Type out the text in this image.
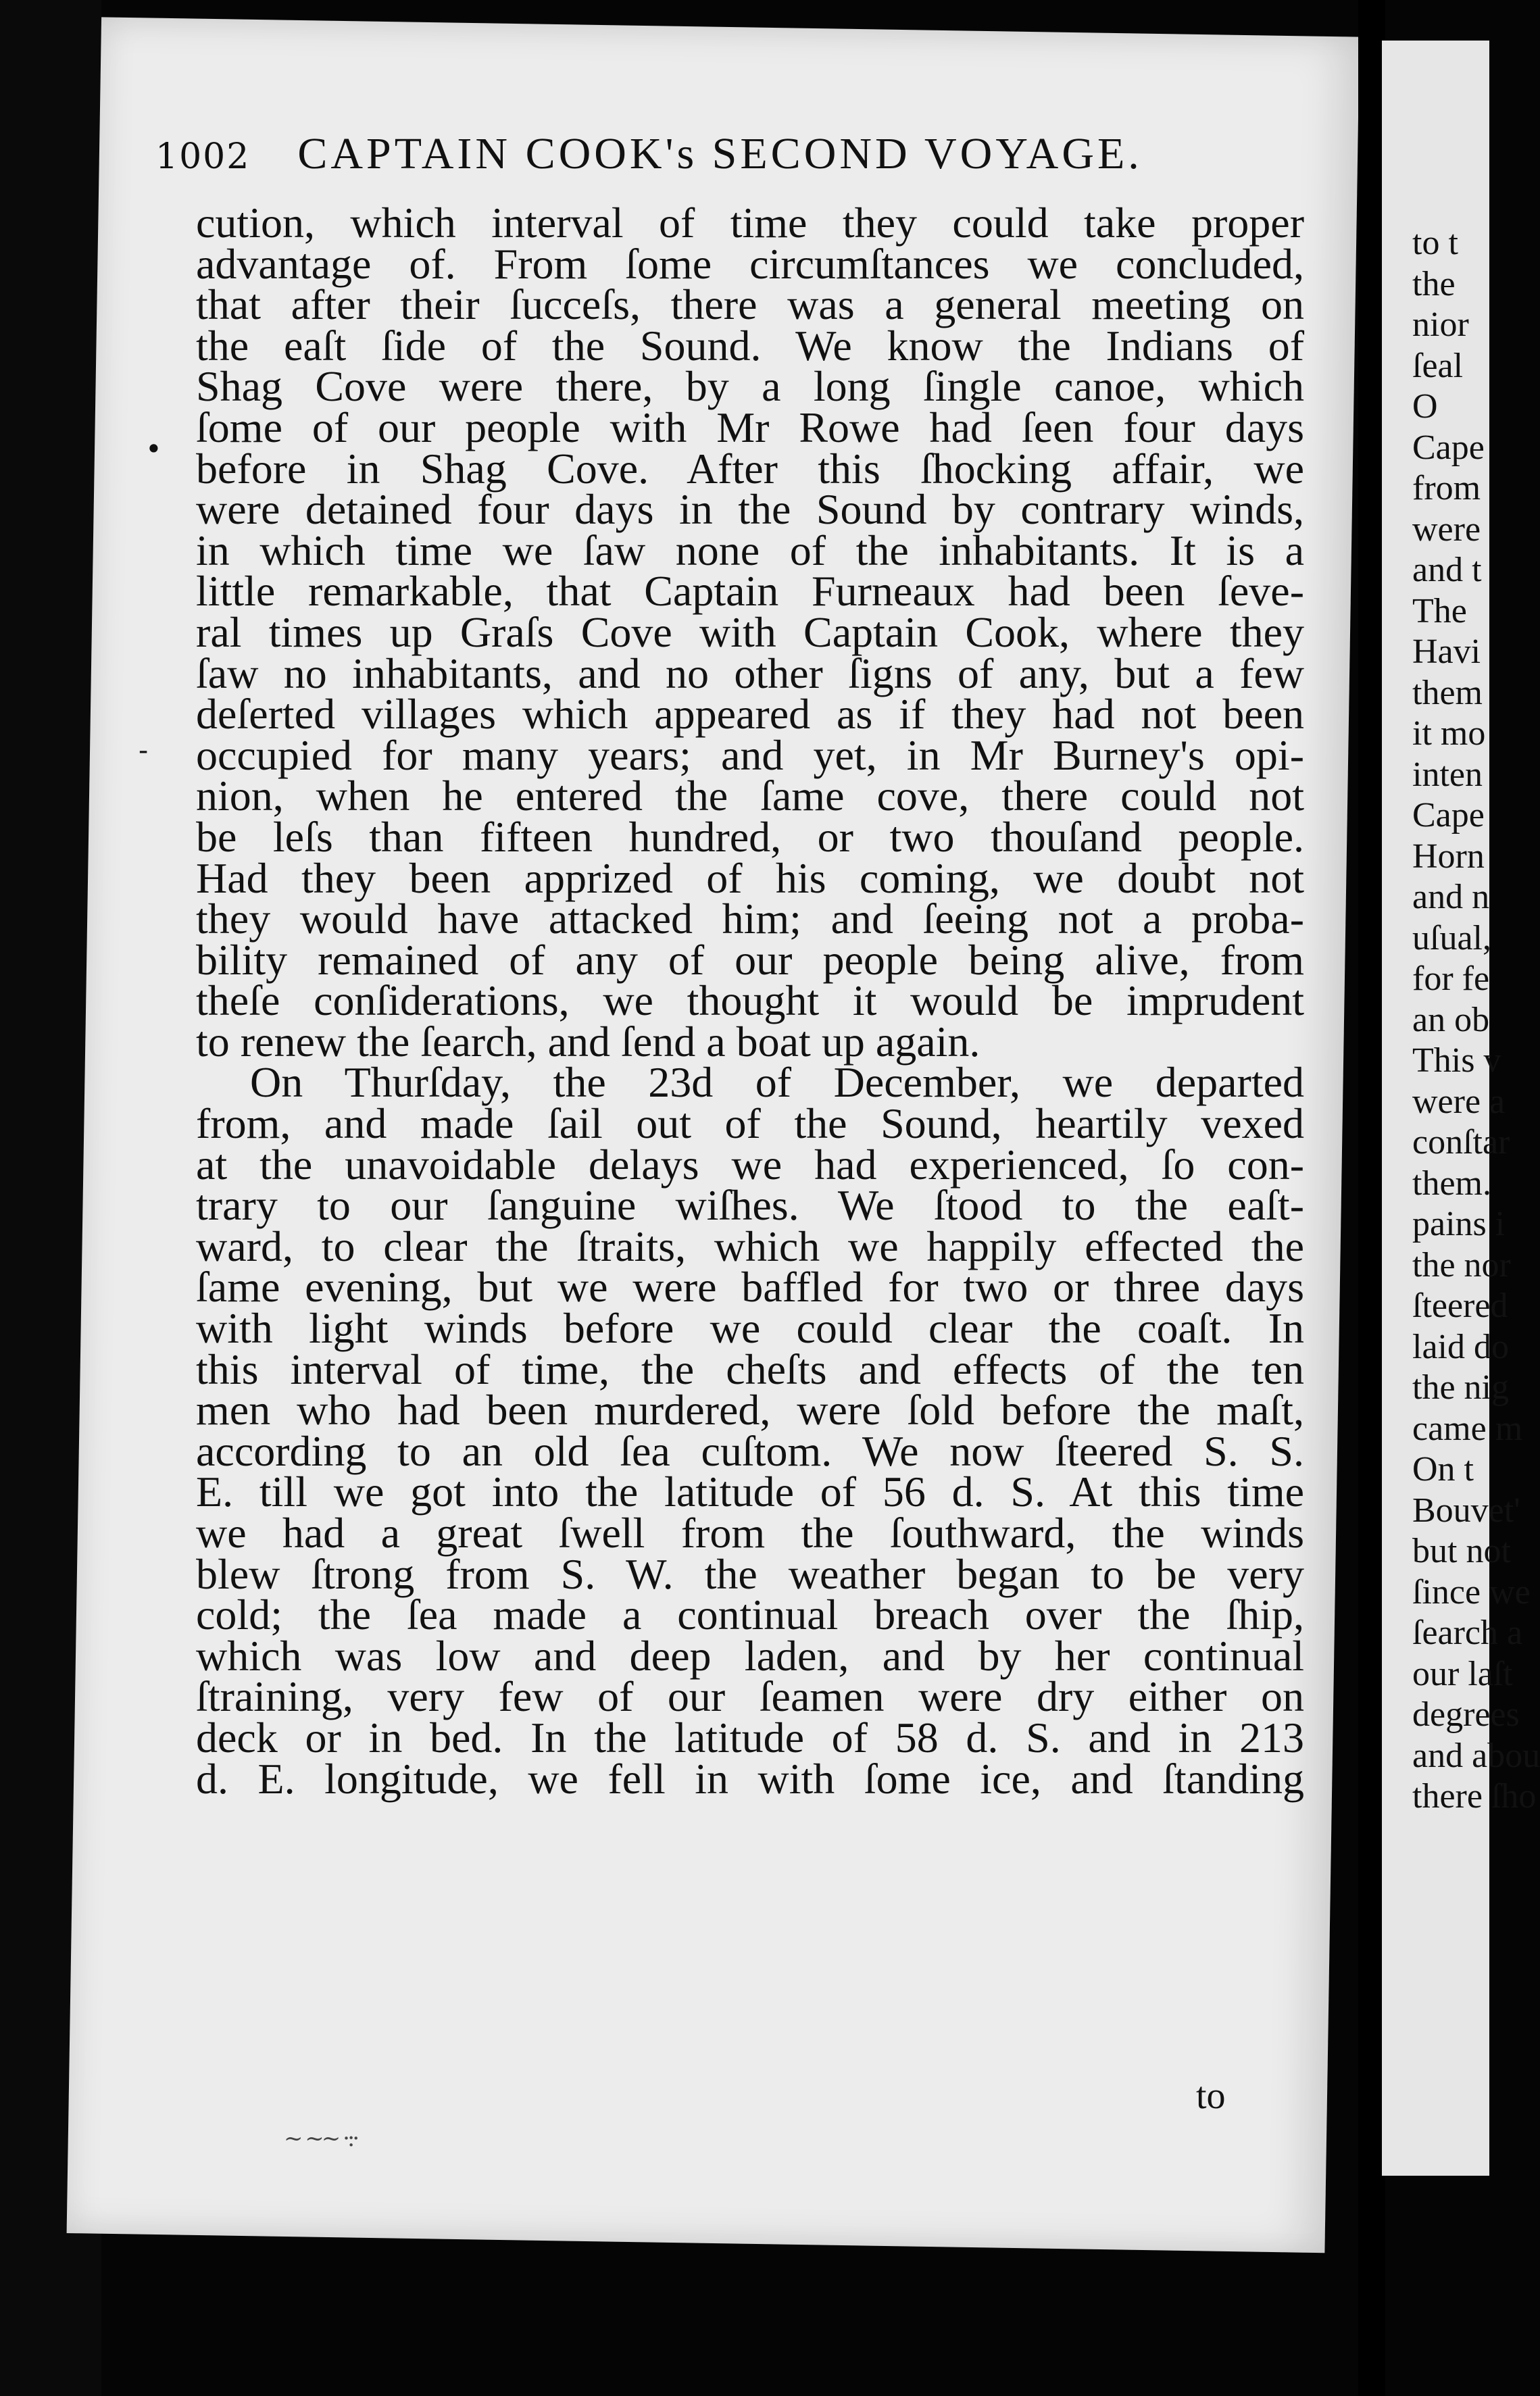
1002 CAPTAIN COOK's SECOND VOYAGE.
cution, which interval of time they could take proper
advantage of. From ſome circumſtances we concluded,
that after their ſucceſs, there was a general meeting on
the eaſt ſide of the Sound. We know the Indians of
Shag Cove were there, by a long ſingle canoe, which
ſome of our people with Mr Rowe had ſeen four days
before in Shag Cove. After this ſhocking affair, we
were detained four days in the Sound by contrary winds,
in which time we ſaw none of the inhabitants. It is a
little remarkable, that Captain Furneaux had been ſeve-
ral times up Graſs Cove with Captain Cook, where they
ſaw no inhabitants, and no other ſigns of any, but a few
deſerted villages which appeared as if they had not been
occupied for many years; and yet, in Mr Burney's opi-
nion, when he entered the ſame cove, there could not
be leſs than fifteen hundred, or two thouſand people.
Had they been apprized of his coming, we doubt not
they would have attacked him; and ſeeing not a proba-
bility remained of any of our people being alive, from
theſe conſiderations, we thought it would be imprudent
to renew the ſearch, and ſend a boat up again.
On Thurſday, the 23d of December, we departed
from, and made ſail out of the Sound, heartily vexed
at the unavoidable delays we had experienced, ſo con-
trary to our ſanguine wiſhes. We ſtood to the eaſt-
ward, to clear the ſtraits, which we happily effected the
ſame evening, but we were baffled for two or three days
with light winds before we could clear the coaſt. In
this interval of time, the cheſts and effects of the ten
men who had been murdered, were ſold before the maſt,
according to an old ſea cuſtom. We now ſteered S. S.
E. till we got into the latitude of 56 d. S. At this time
we had a great ſwell from the ſouthward, the winds
blew ſtrong from S. W. the weather began to be very
cold; the ſea made a continual breach over the ſhip,
which was low and deep laden, and by her continual
ſtraining, very few of our ſeamen were dry either on
deck or in bed. In the latitude of 58 d. S. and in 213
d. E. longitude, we fell in with ſome ice, and ſtanding
to
•
-
~ ~~ ·:·
to t
the
nior
ſeal
O
Cape
from
were
and t
The
Havi
them
it mo
inten
Cape
Horn
and n
uſual,
for fe
an ob
This v
were a
conſtar
them.
pains i
the nor
ſteered
laid do
the nig
came m
On t
Bouvet'
but not
ſince we
ſearch a
our laſt
degrees
and abou
there ſho
